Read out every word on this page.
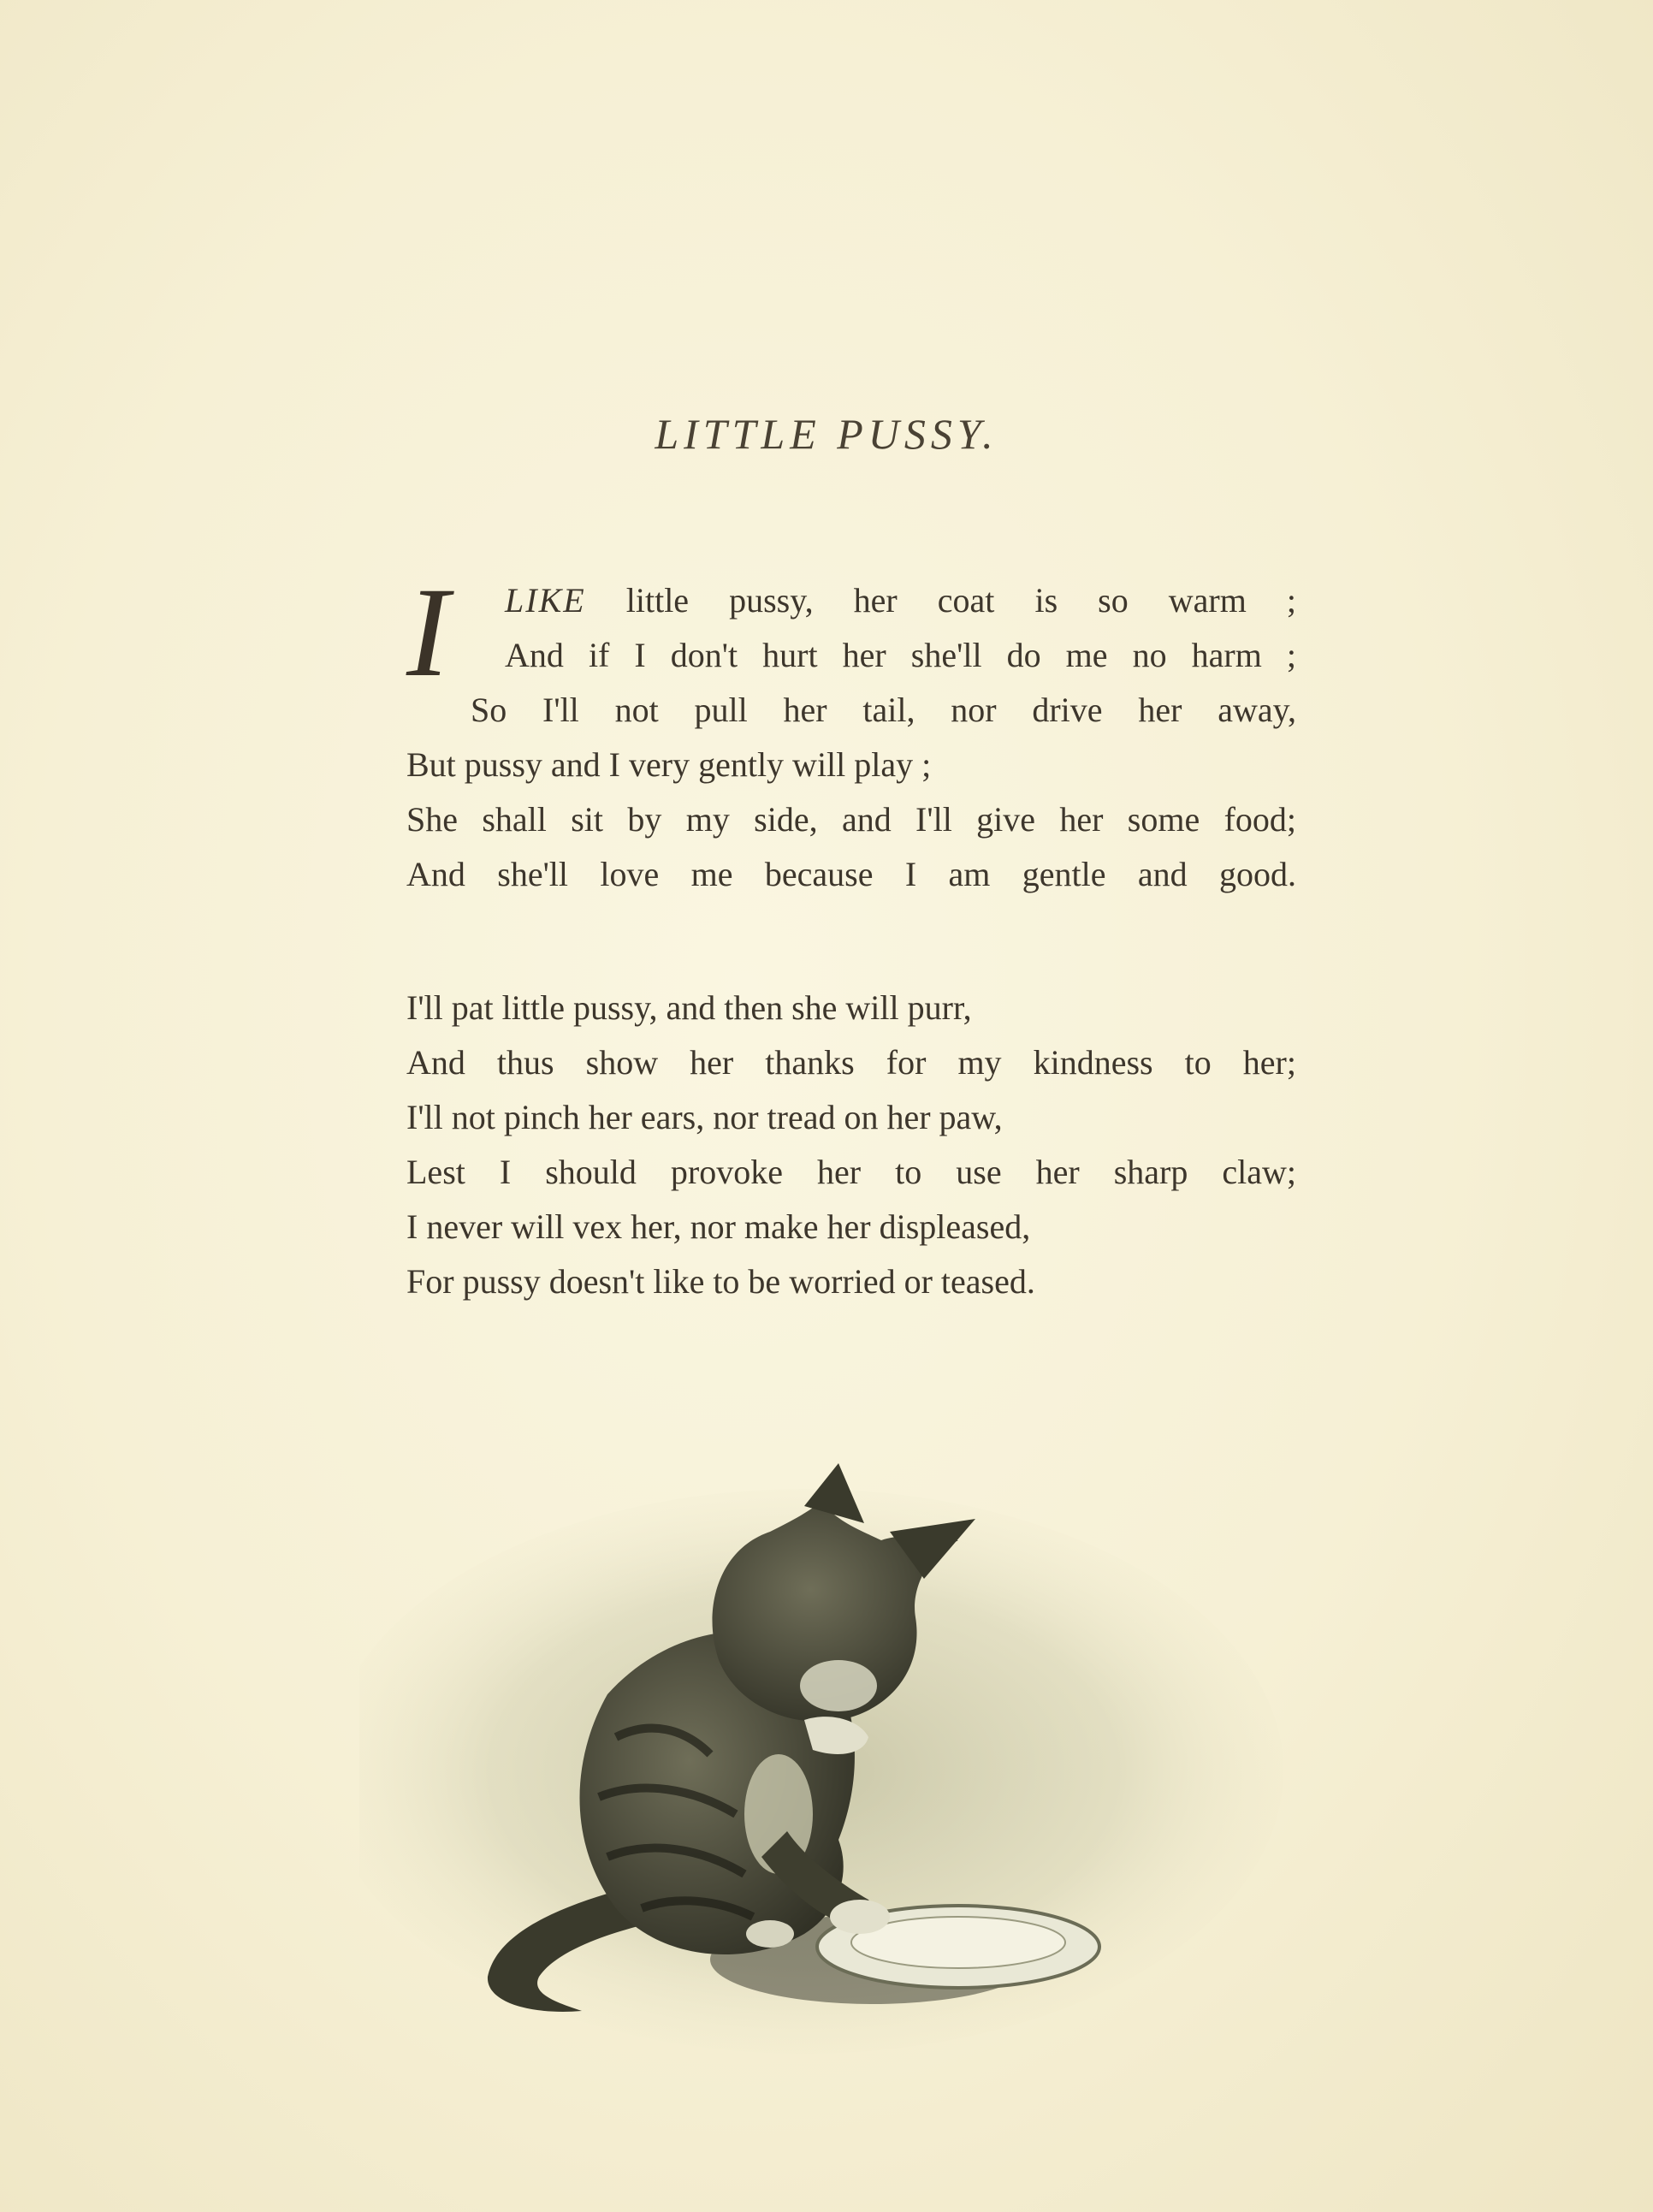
LITTLE PUSSY.
I	LIKE little pussy, her coat is so warm ;
And if I don't hurt her she'll do me no harm ;
So I'll not pull her tail, nor drive her away,
But pussy and I very gently will play ;
She shall sit by my side, and I'll give her some food;
And she'll love me because I am gentle and good.
I'll pat little pussy, and then she will purr,
And thus show her thanks for my kindness to her;
I'll not pinch her ears, nor tread on her paw,
Lest I should provoke her to use her sharp claw;
I never will vex her, nor make her displeased,
For pussy doesn't like to be worried or teased.
